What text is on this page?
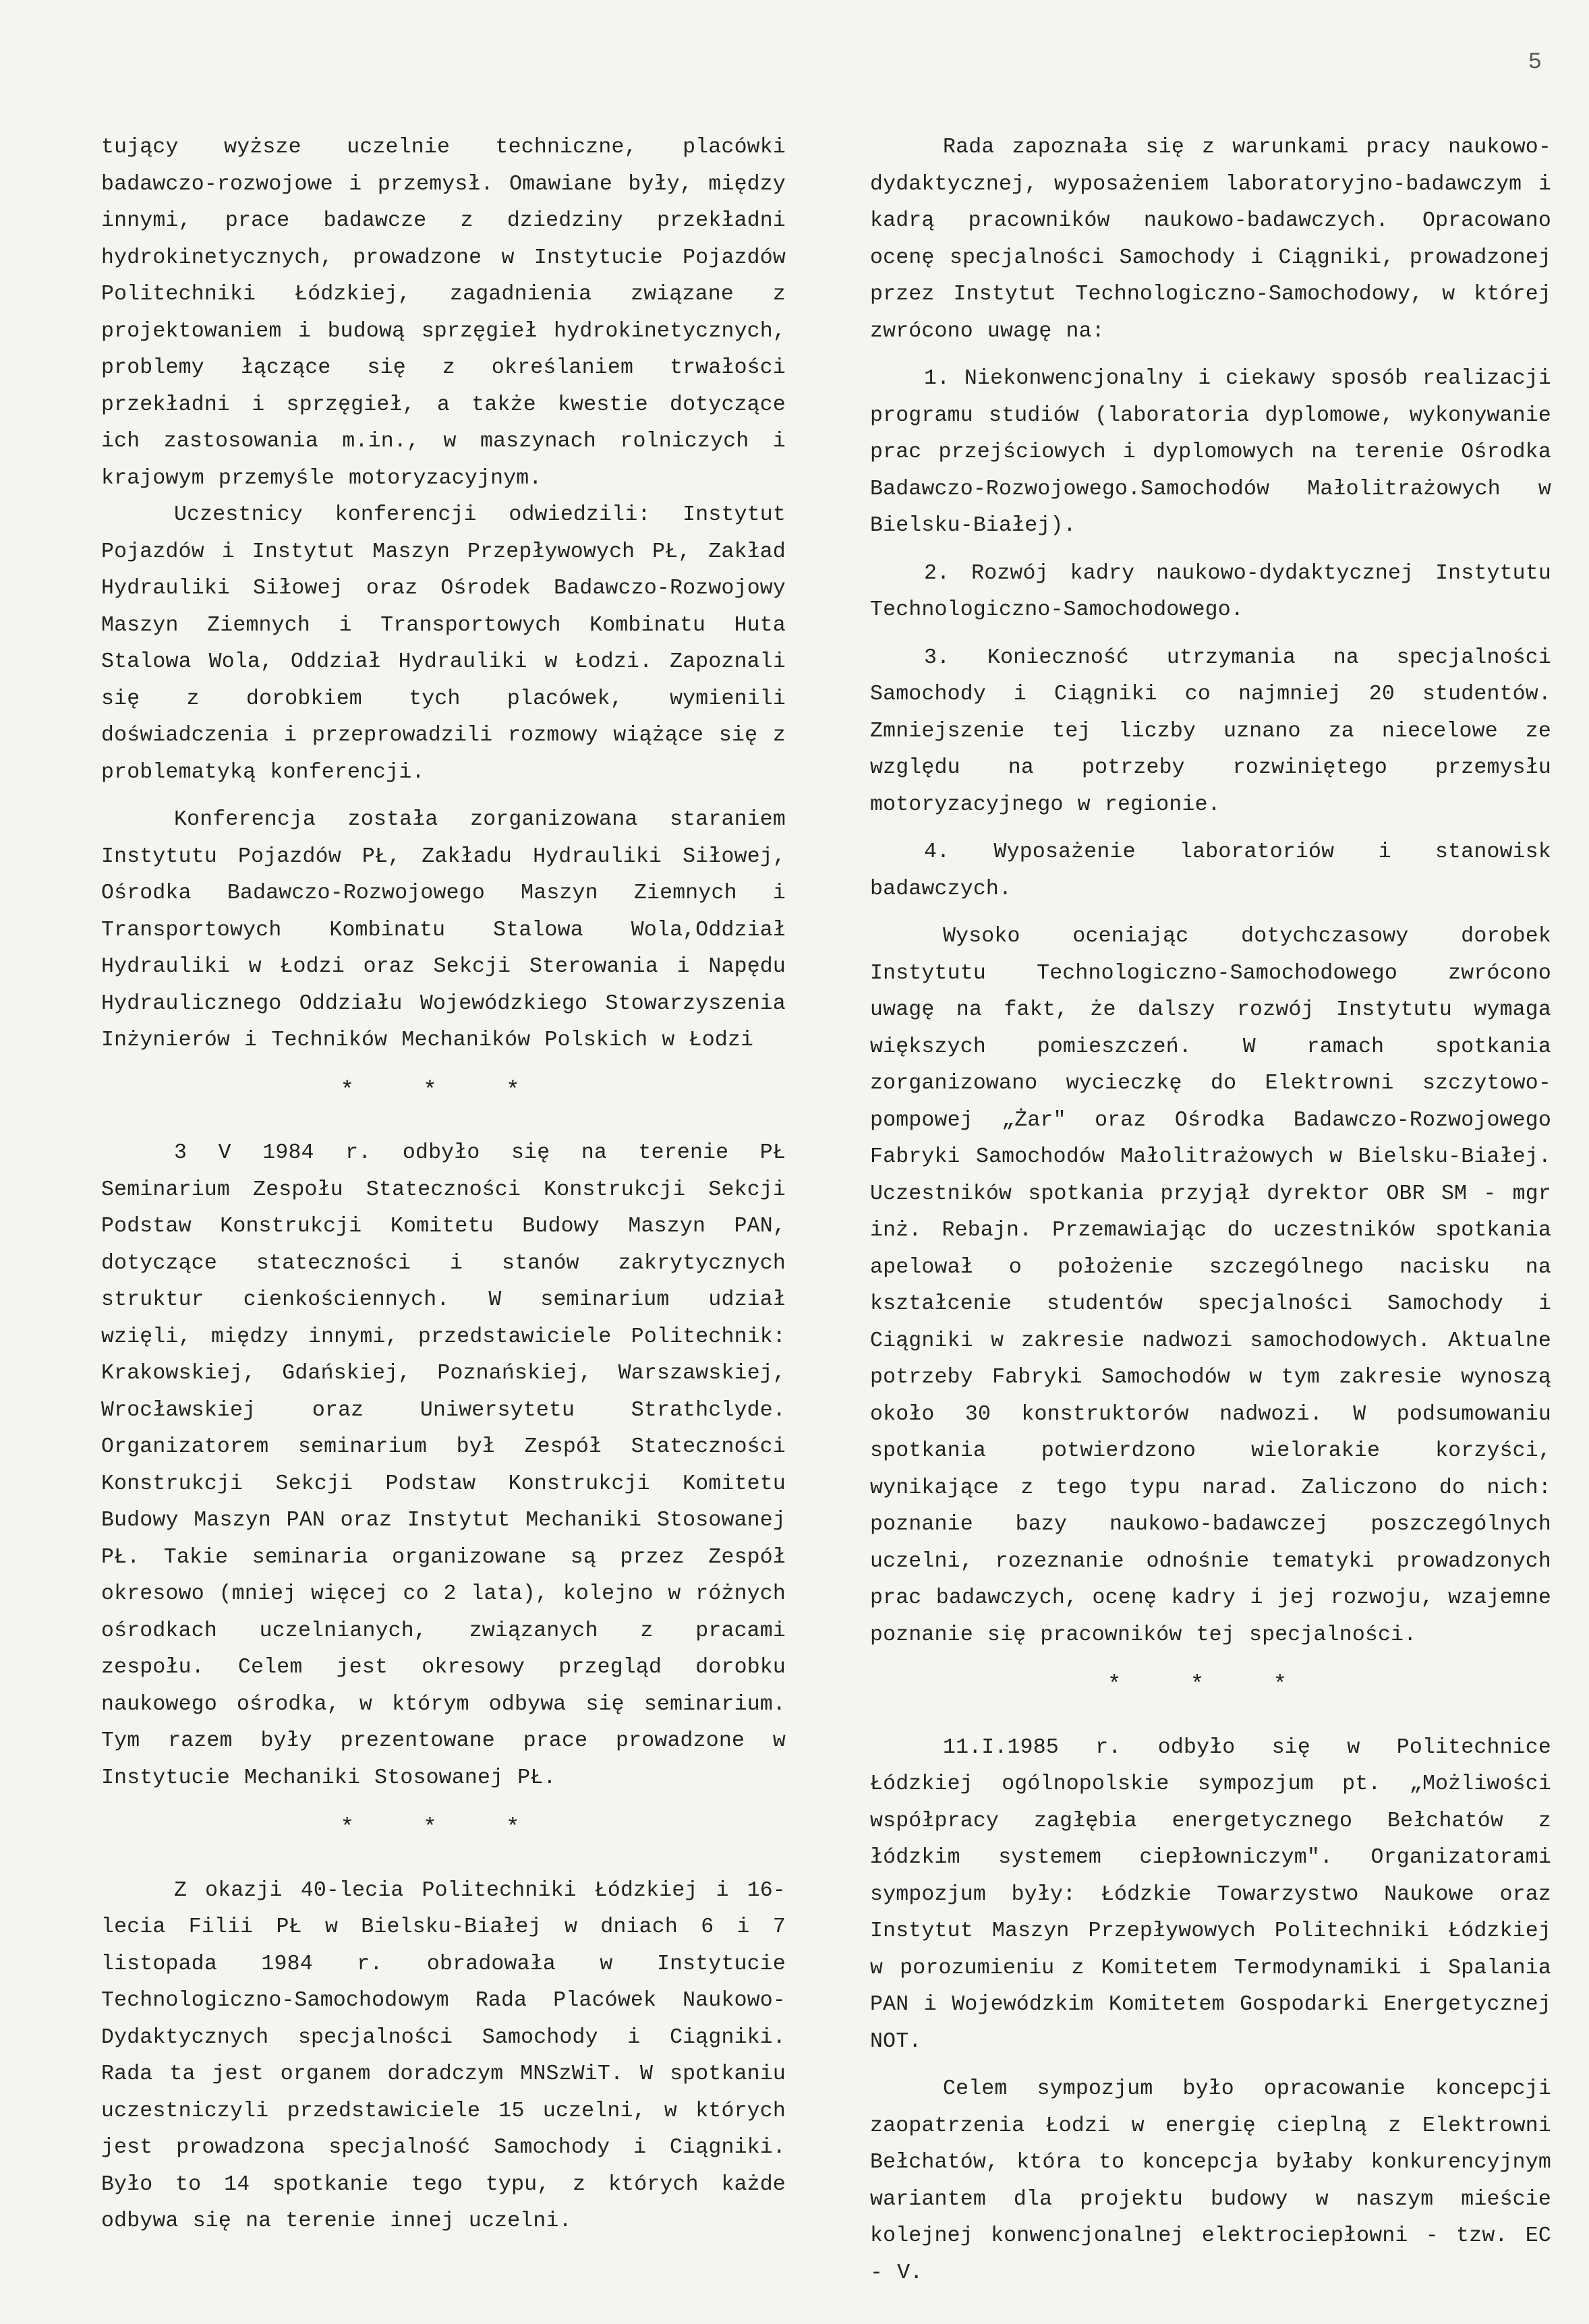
5

tujący wyższe uczelnie techniczne, placówki badawczo-rozwojowe i przemysł. Omawiane były, między innymi, prace badawcze z dziedziny przekładni hydrokinetycznych, prowadzone w Instytucie Pojazdów Politechniki Łódzkiej, zagadnienia związane z projektowaniem i budową sprzęgieł hydrokinetycznych, problemy łączące się z określaniem trwałości przekładni i sprzęgieł, a także kwestie dotyczące ich zastosowania m.in., w maszynach rolniczych i krajowym przemyśle motoryzacyjnym.

Uczestnicy konferencji odwiedzili: Instytut Pojazdów i Instytut Maszyn Przepływowych PŁ, Zakład Hydrauliki Siłowej oraz Ośrodek Badawczo-Rozwojowy Maszyn Ziemnych i Transportowych Kombinatu Huta Stalowa Wola, Oddział Hydrauliki w Łodzi. Zapoznali się z dorobkiem tych placówek, wymienili doświadczenia i przeprowadzili rozmowy wiążące się z problematyką konferencji.

Konferencja została zorganizowana staraniem Instytutu Pojazdów PŁ, Zakładu Hydrauliki Siłowej, Ośrodka Badawczo-Rozwojowego Maszyn Ziemnych i Transportowych Kombinatu Stalowa Wola,Oddział Hydrauliki w Łodzi oraz Sekcji Sterowania i Napędu Hydraulicznego Oddziału Wojewódzkiego Stowarzyszenia Inżynierów i Techników Mechaników Polskich w Łodzi

* * *

3 V 1984 r. odbyło się na terenie PŁ Seminarium Zespołu Stateczności Konstrukcji Sekcji Podstaw Konstrukcji Komitetu Budowy Maszyn PAN, dotyczące stateczności i stanów zakrytycznych struktur cienkościennych. W seminarium udział wzięli, między innymi, przedstawiciele Politechnik: Krakowskiej, Gdańskiej, Poznańskiej, Warszawskiej, Wrocławskiej oraz Uniwersytetu Strathclyde. Organizatorem seminarium był Zespół Stateczności Konstrukcji Sekcji Podstaw Konstrukcji Komitetu Budowy Maszyn PAN oraz Instytut Mechaniki Stosowanej PŁ. Takie seminaria organizowane są przez Zespół okresowo (mniej więcej co 2 lata), kolejno w różnych ośrodkach uczelnianych, związanych z pracami zespołu. Celem jest okresowy przegląd dorobku naukowego ośrodka, w którym odbywa się seminarium. Tym razem były prezentowane prace prowadzone w Instytucie Mechaniki Stosowanej PŁ.

* * *

Z okazji 40-lecia Politechniki Łódzkiej i 16-lecia Filii PŁ w Bielsku-Białej w dniach 6 i 7 listopada 1984 r. obradowała w Instytucie Technologiczno-Samochodowym Rada Placówek Naukowo-Dydaktycznych specjalności Samochody i Ciągniki. Rada ta jest organem doradczym MNSzWiT. W spotkaniu uczestniczyli przedstawiciele 15 uczelni, w których jest prowadzona specjalność Samochody i Ciągniki. Było to 14 spotkanie tego typu, z których każde odbywa się na terenie innej uczelni.

Rada zapoznała się z warunkami pracy naukowo-dydaktycznej, wyposażeniem laboratoryjno-badawczym i kadrą pracowników naukowo-badawczych. Opracowano ocenę specjalności Samochody i Ciągniki, prowadzonej przez Instytut Technologiczno-Samochodowy, w której zwrócono uwagę na:

1. Niekonwencjonalny i ciekawy sposób realizacji programu studiów (laboratoria dyplomowe, wykonywanie prac przejściowych i dyplomowych na terenie Ośrodka Badawczo-Rozwojowego.Samochodów Małolitrażowych w Bielsku-Białej).

2. Rozwój kadry naukowo-dydaktycznej Instytutu Technologiczno-Samochodowego.

3. Konieczność utrzymania na specjalności Samochody i Ciągniki co najmniej 20 studentów. Zmniejszenie tej liczby uznano za niecelowe ze względu na potrzeby rozwiniętego przemysłu motoryzacyjnego w regionie.

4. Wyposażenie laboratoriów i stanowisk badawczych.

Wysoko oceniając dotychczasowy dorobek Instytutu Technologiczno-Samochodowego zwrócono uwagę na fakt, że dalszy rozwój Instytutu wymaga większych pomieszczeń. W ramach spotkania zorganizowano wycieczkę do Elektrowni szczytowo-pompowej „Żar" oraz Ośrodka Badawczo-Rozwojowego Fabryki Samochodów Małolitrażowych w Bielsku-Białej. Uczestników spotkania przyjął dyrektor OBR SM - mgr inż. Rebajn. Przemawiając do uczestników spotkania apelował o położenie szczególnego nacisku na kształcenie studentów specjalności Samochody i Ciągniki w zakresie nadwozi samochodowych. Aktualne potrzeby Fabryki Samochodów w tym zakresie wynoszą około 30 konstruktorów nadwozi. W podsumowaniu spotkania potwierdzono wielorakie korzyści, wynikające z tego typu narad. Zaliczono do nich: poznanie bazy naukowo-badawczej poszczególnych uczelni, rozeznanie odnośnie tematyki prowadzonych prac badawczych, ocenę kadry i jej rozwoju, wzajemne poznanie się pracowników tej specjalności.

* * *

11.I.1985 r. odbyło się w Politechnice Łódzkiej ogólnopolskie sympozjum pt. „Możliwości współpracy zagłębia energetycznego Bełchatów z łódzkim systemem ciepłowniczym". Organizatorami sympozjum były: Łódzkie Towarzystwo Naukowe oraz Instytut Maszyn Przepływowych Politechniki Łódzkiej w porozumieniu z Komitetem Termodynamiki i Spalania PAN i Wojewódzkim Komitetem Gospodarki Energetycznej NOT.

Celem sympozjum było opracowanie koncepcji zaopatrzenia Łodzi w energię cieplną z Elektrowni Bełchatów, która to koncepcja byłaby konkurencyjnym wariantem dla projektu budowy w naszym mieście kolejnej konwencjonalnej elektrociepłowni - tzw. EC - V.
